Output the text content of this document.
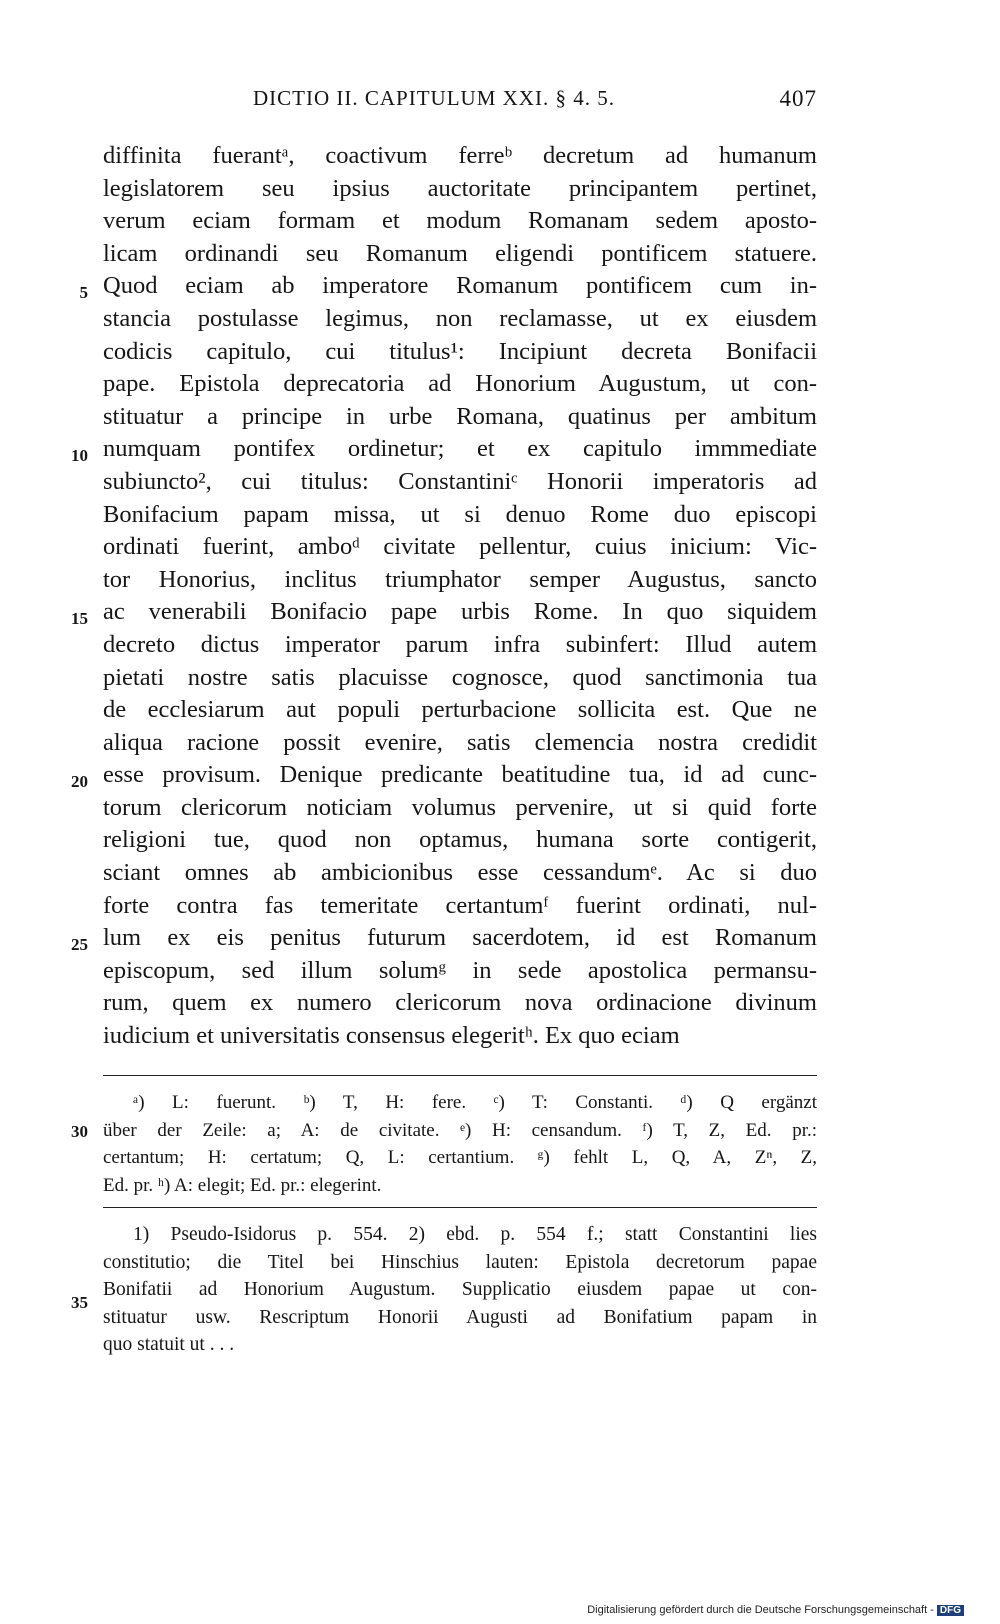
DICTIO II. CAPITULUM XXI. § 4. 5.	407
diffinita fuerantᵃ, coactivum ferreᵇ decretum ad humanum
legislatorem seu ipsius auctoritate principantem pertinet,
verum eciam formam et modum Romanam sedem aposto-
licam ordinandi seu Romanum eligendi pontificem statuere.
Quod eciam ab imperatore Romanum pontificem cum in-
stancia postulasse legimus, non reclamasse, ut ex eiusdem
codicis capitulo, cui titulus¹: Incipiunt decreta Bonifacii
pape. Epistola deprecatoria ad Honorium Augustum, ut con-
stituatur a principe in urbe Romana, quatinus per ambitum
numquam pontifex ordinetur; et ex capitulo immmediate
subiuncto², cui titulus: Constantiniᶜ Honorii imperatoris ad
Bonifacium papam missa, ut si denuo Rome duo episcopi
ordinati fuerint, amboᵈ civitate pellentur, cuius inicium: Vic-
tor Honorius, inclitus triumphator semper Augustus, sancto
ac venerabili Bonifacio pape urbis Rome. In quo siquidem
decreto dictus imperator parum infra subinfert: Illud autem
pietati nostre satis placuisse cognosce, quod sanctimonia tua
de ecclesiarum aut populi perturbacione sollicita est. Que ne
aliqua racione possit evenire, satis clemencia nostra credidit
esse provisum. Denique predicante beatitudine tua, id ad cunc-
torum clericorum noticiam volumus pervenire, ut si quid forte
religioni tue, quod non optamus, humana sorte contigerit,
sciant omnes ab ambicionibus esse cessandumᵉ. Ac si duo
forte contra fas temeritate certantumᶠ fuerint ordinati, nul-
lum ex eis penitus futurum sacerdotem, id est Romanum
episcopum, sed illum solumᵍ in sede apostolica permansu-
rum, quem ex numero clericorum nova ordinacione divinum
iudicium et universitatis consensus elegeritʰ. Ex quo eciam
5
10
15
20
25
30
35
ᵃ) L: fuerunt. ᵇ) T, H: fere. ᶜ) T: Constanti. ᵈ) Q ergänzt
über der Zeile: a; A: de civitate. ᵉ) H: censandum. ᶠ) T, Z, Ed. pr.:
certantum; H: certatum; Q, L: certantium. ᵍ) fehlt L, Q, A, Zⁿ, Z,
Ed. pr. ʰ) A: elegit; Ed. pr.: elegerint.
1) Pseudo-Isidorus p. 554. 2) ebd. p. 554 f.; statt Constantini lies
constitutio; die Titel bei Hinschius lauten: Epistola decretorum papae
Bonifatii ad Honorium Augustum. Supplicatio eiusdem papae ut con-
stituatur usw. Rescriptum Honorii Augusti ad Bonifatium papam in
quo statuit ut . . .
Digitalisierung gefördert durch die Deutsche Forschungsgemeinschaft - DFG
